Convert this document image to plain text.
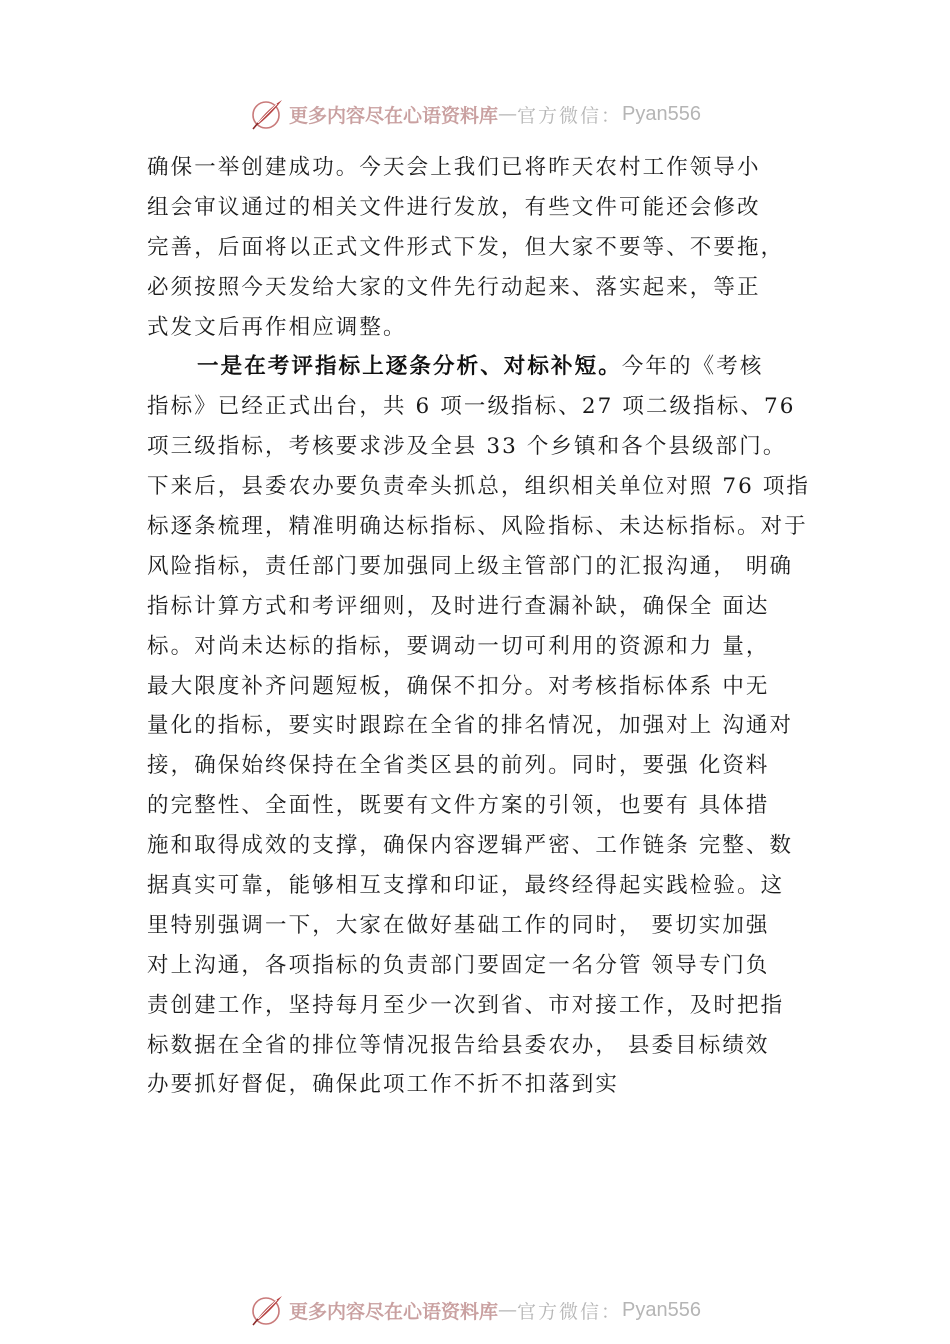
更多内容尽在心语资料库 — 官方微信： Pyan556
确保一举创建成功。今天会上我们已将昨天农村工作领导小
组会审议通过的相关文件进行发放，有些文件可能还会修改
完善，后面将以正式文件形式下发，但大家不要等、不要拖，
必须按照今天发给大家的文件先行动起来、落实起来，等正
式发文后再作相应调整。
一是在考评指标上逐条分析、对标补短。今年的《考核
指标》已经正式出台，共 6 项一级指标、27 项二级指标、76
项三级指标，考核要求涉及全县 33 个乡镇和各个县级部门。
下来后，县委农办要负责牵头抓总，组织相关单位对照 76 项指
标逐条梳理，精准明确达标指标、风险指标、未达标指标。对于
风险指标，责任部门要加强同上级主管部门的汇报沟通， 明确
指标计算方式和考评细则，及时进行查漏补缺，确保全 面达
标。对尚未达标的指标，要调动一切可利用的资源和力 量，
最大限度补齐问题短板，确保不扣分。对考核指标体系 中无
量化的指标，要实时跟踪在全省的排名情况，加强对上 沟通对
接，确保始终保持在全省类区县的前列。同时，要强 化资料
的完整性、全面性，既要有文件方案的引领，也要有 具体措
施和取得成效的支撑，确保内容逻辑严密、工作链条 完整、数
据真实可靠，能够相互支撑和印证，最终经得起实践检验。这
里特别强调一下，大家在做好基础工作的同时， 要切实加强
对上沟通，各项指标的负责部门要固定一名分管 领导专门负
责创建工作，坚持每月至少一次到省、市对接工作，及时把指
标数据在全省的排位等情况报告给县委农办， 县委目标绩效
办要抓好督促，确保此项工作不折不扣落到实
更多内容尽在心语资料库 — 官方微信： Pyan556
